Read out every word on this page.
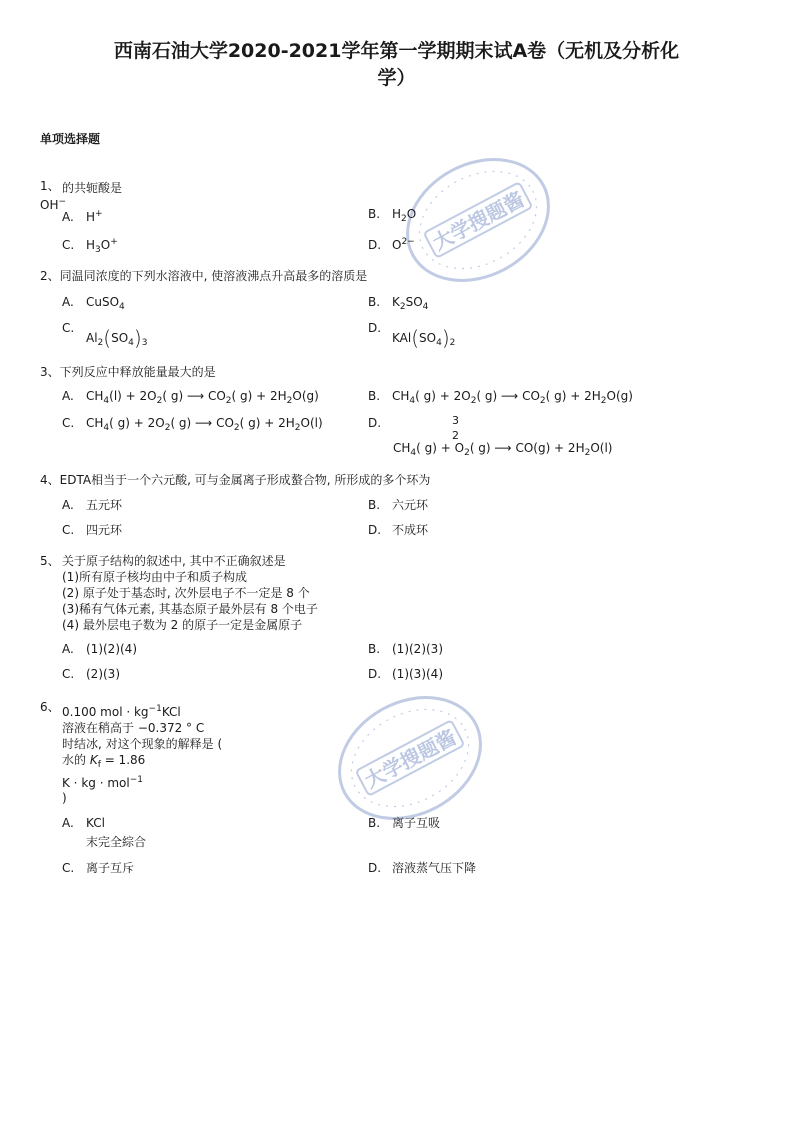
西南石油大学2020-2021学年第一学期期末试A卷（无机及分析化
学）
单项选择题
大学搜题酱
大学搜题酱

1、
OH−

的共轭酸是
A. H+	B. $H_2O$
C. $H_3O^+$	D. $O^{2-}$
2、同温同浓度的下列水溶液中, 使溶液沸点升高最多的溶质是
A. CuSO$_4$	B. $K_2SO_4$
$C.Al_2(SO_4)_3$
$D.KAl(SO_4)_2$
3、下列反应中释放能量最大的是
A. $CH_4(l) + 2O_2$( g) ⟶ $CO_2$( $g) + 2H_2O(g)$	B. $CH_4$( $g) + 2O_2$( g) ⟶ $CO_2$( $g) + 2H_2O(g)$
C. $CH_4$( $g) + 2O_2$( g) ⟶ $CO_2$( $g) + 2H_2O(l)$	D.	3
2
$CH_4$( $g) + O_2$( g) ⟶ $CO(g) + 2H_2O(l)$
4、EDTA相当于一个六元酸, 可与金属离子形成螯合物, 所形成的多个环为
A. 五元环	B. 六元环
C. 四元环	D. 不成环
5、 关于原子结构的叙述中, 其中不正确叙述是
(1)所有原子核均由中子和质子构成
(2) 原子处于基态时, 次外层电子不一定是 8 个
(3)稀有气体元素, 其基态原子最外层有 8 个电子
(4) 最外层电子数为 2 的原子一定是金属原子
A. (1)(2)(4)	B. (1)(2)(3)
C. (2)(3)	D. (1)(3)(4)
6、 0.100 mol · $kg^{-1}KCl$
溶液在稍高于 −0.372 ° C
时结冰, 对这个现象的解释是 (
水的 $K_f = 1.86$
K · kg · mol$^{-1}$
)
A. KCl
末完全綜合
B. 离子互吸
C. 离子互斥	D. 溶液蒸气压下降
